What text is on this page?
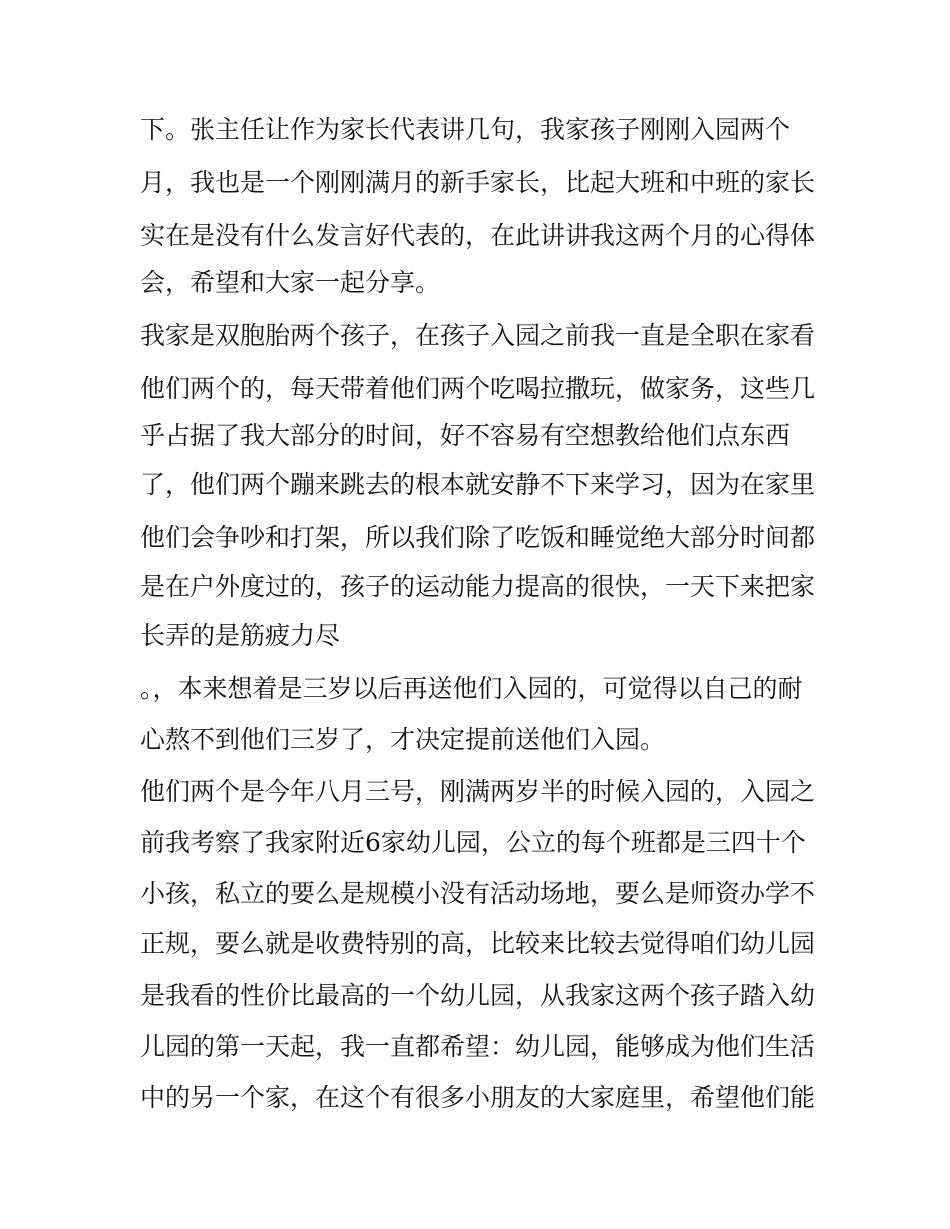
下。张主任让作为家长代表讲几句，我家孩子刚刚入园两个
月，我也是一个刚刚满月的新手家长，比起大班和中班的家长
实在是没有什么发言好代表的，在此讲讲我这两个月的心得体
会，希望和大家一起分享。
我家是双胞胎两个孩子，在孩子入园之前我一直是全职在家看
他们两个的，每天带着他们两个吃喝拉撒玩，做家务，这些几
乎占据了我大部分的时间，好不容易有空想教给他们点东西
了，他们两个蹦来跳去的根本就安静不下来学习，因为在家里
他们会争吵和打架，所以我们除了吃饭和睡觉绝大部分时间都
是在户外度过的，孩子的运动能力提高的很快，一天下来把家
长弄的是筋疲力尽
。，本来想着是三岁以后再送他们入园的，可觉得以自己的耐
心熬不到他们三岁了，才决定提前送他们入园。
他们两个是今年八月三号，刚满两岁半的时候入园的，入园之
前我考察了我家附近6家幼儿园，公立的每个班都是三四十个
小孩，私立的要么是规模小没有活动场地，要么是师资办学不
正规，要么就是收费特别的高，比较来比较去觉得咱们幼儿园
是我看的性价比最高的一个幼儿园，从我家这两个孩子踏入幼
儿园的第一天起，我一直都希望：幼儿园，能够成为他们生活
中的另一个家，在这个有很多小朋友的大家庭里，希望他们能
